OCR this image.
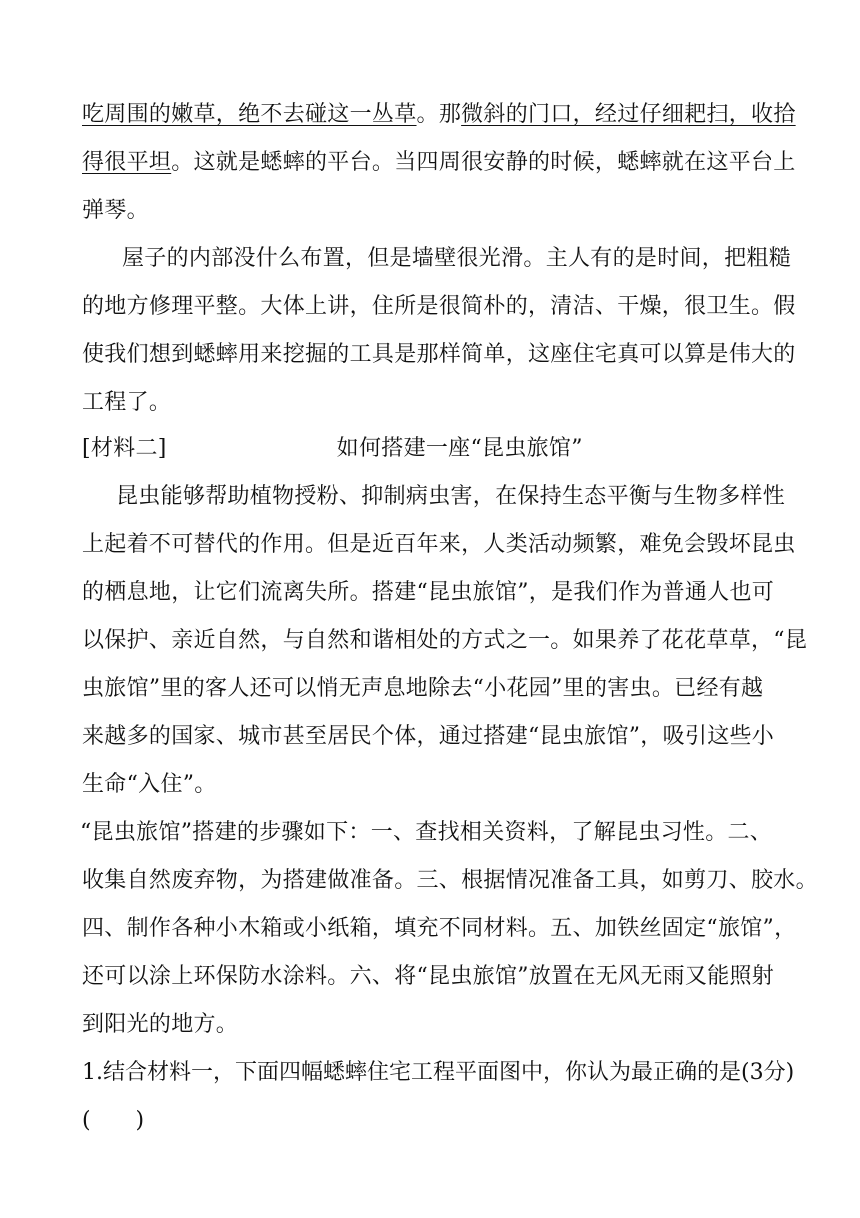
吃周围的嫩草，绝不去碰这一丛草。那微斜的门口，经过仔细耙扫，收拾
得很平坦。这就是蟋蟀的平台。当四周很安静的时候，蟋蟀就在这平台上
弹琴。
屋子的内部没什么布置，但是墙壁很光滑。主人有的是时间，把粗糙
的地方修理平整。大体上讲，住所是很简朴的，清洁、干燥，很卫生。假
使我们想到蟋蟀用来挖掘的工具是那样简单，这座住宅真可以算是伟大的
工程了。
[材料二]	如何搭建一座“昆虫旅馆”
昆虫能够帮助植物授粉、抑制病虫害，在保持生态平衡与生物多样性
上起着不可替代的作用。但是近百年来，人类活动频繁，难免会毁坏昆虫
的栖息地，让它们流离失所。搭建“昆虫旅馆”，是我们作为普通人也可
以保护、亲近自然，与自然和谐相处的方式之一。如果养了花花草草，“昆
虫旅馆”里的客人还可以悄无声息地除去“小花园”里的害虫。已经有越
来越多的国家、城市甚至居民个体，通过搭建“昆虫旅馆”，吸引这些小
生命“入住”。
“昆虫旅馆”搭建的步骤如下：一、查找相关资料，了解昆虫习性。二、
收集自然废弃物，为搭建做准备。三、根据情况准备工具，如剪刀、胶水。
四、制作各种小木箱或小纸箱，填充不同材料。五、加铁丝固定“旅馆”，
还可以涂上环保防水涂料。六、将“昆虫旅馆”放置在无风无雨又能照射
到阳光的地方。
1.结合材料一，下面四幅蟋蟀住宅工程平面图中，你认为最正确的是(3分)
(　　)
